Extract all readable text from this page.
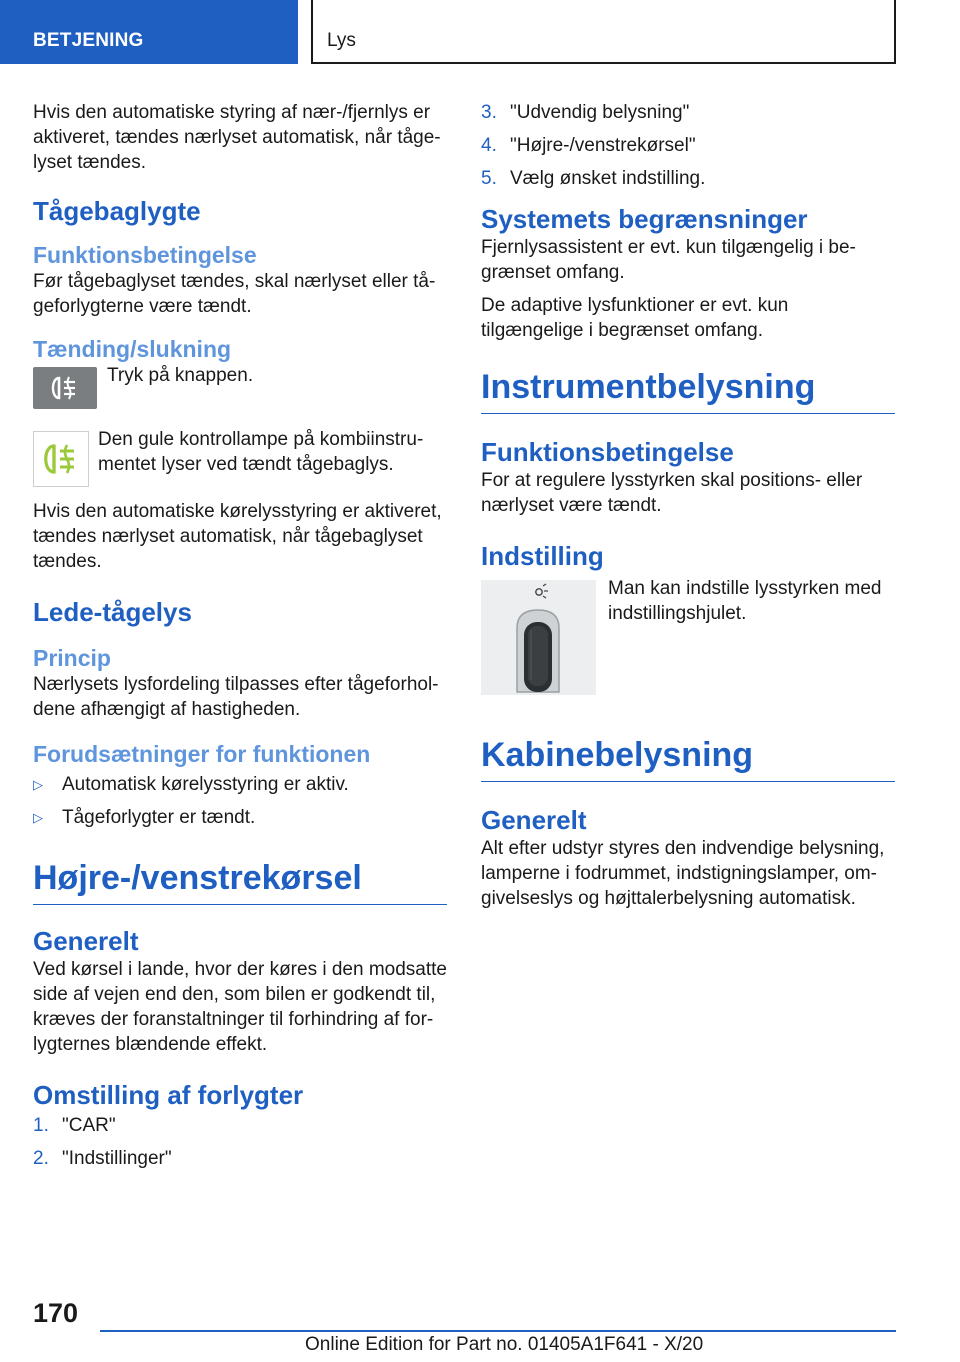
BETJENING	Lys

Hvis den automatiske styring af nær-/fjernlys er aktiveret, tændes nærlyset automatisk, når tåge-lyset tændes.

Tågebaglygte
Funktionsbetingelse

Før tågebaglyset tændes, skal nærlyset eller tå-geforlygterne være tændt.

Tænding/slukning
Tryk på knappen.
Den gule kontrollampe på kombiinstru-mentet lyser ved tændt tågebaglys.

Hvis den automatiske kørelysstyring er aktiveret, tændes nærlyset automatisk, når tågebaglyset tændes.

Lede-tågelys
Princip

Nærlysets lysfordeling tilpasses efter tågeforhol-dene afhængigt af hastigheden.

Forudsætninger for funktionen
▷	Automatisk kørelysstyring er aktiv.
▷	Tågeforlygter er tændt.
Højre-/venstrekørsel
Generelt

Ved kørsel i lande, hvor der køres i den modsatte side af vejen end den, som bilen er godkendt til, kræves der foranstaltninger til forhindring af for-lygternes blændende effekt.

Omstilling af forlygter
1. "CAR"
2. "Indstillinger"
3. "Udvendig belysning"
4. "Højre-/venstrekørsel"
5. Vælg ønsket indstilling.
Systemets begrænsninger

Fjernlysassistent er evt. kun tilgængelig i be-grænset omfang.

De adaptive lysfunktioner er evt. kun tilgængelige i begrænset omfang.

Instrumentbelysning
Funktionsbetingelse

For at regulere lysstyrken skal positions- eller nærlyset være tændt.

Indstilling
Man kan indstille lysstyrken med indstillingshjulet.
Kabinebelysning
Generelt

Alt efter udstyr styres den indvendige belysning, lamperne i fodrummet, indstigningslamper, om-givelseslys og højttalerbelysning automatisk.

170
Online Edition for Part no. 01405A1F641 - X/20
